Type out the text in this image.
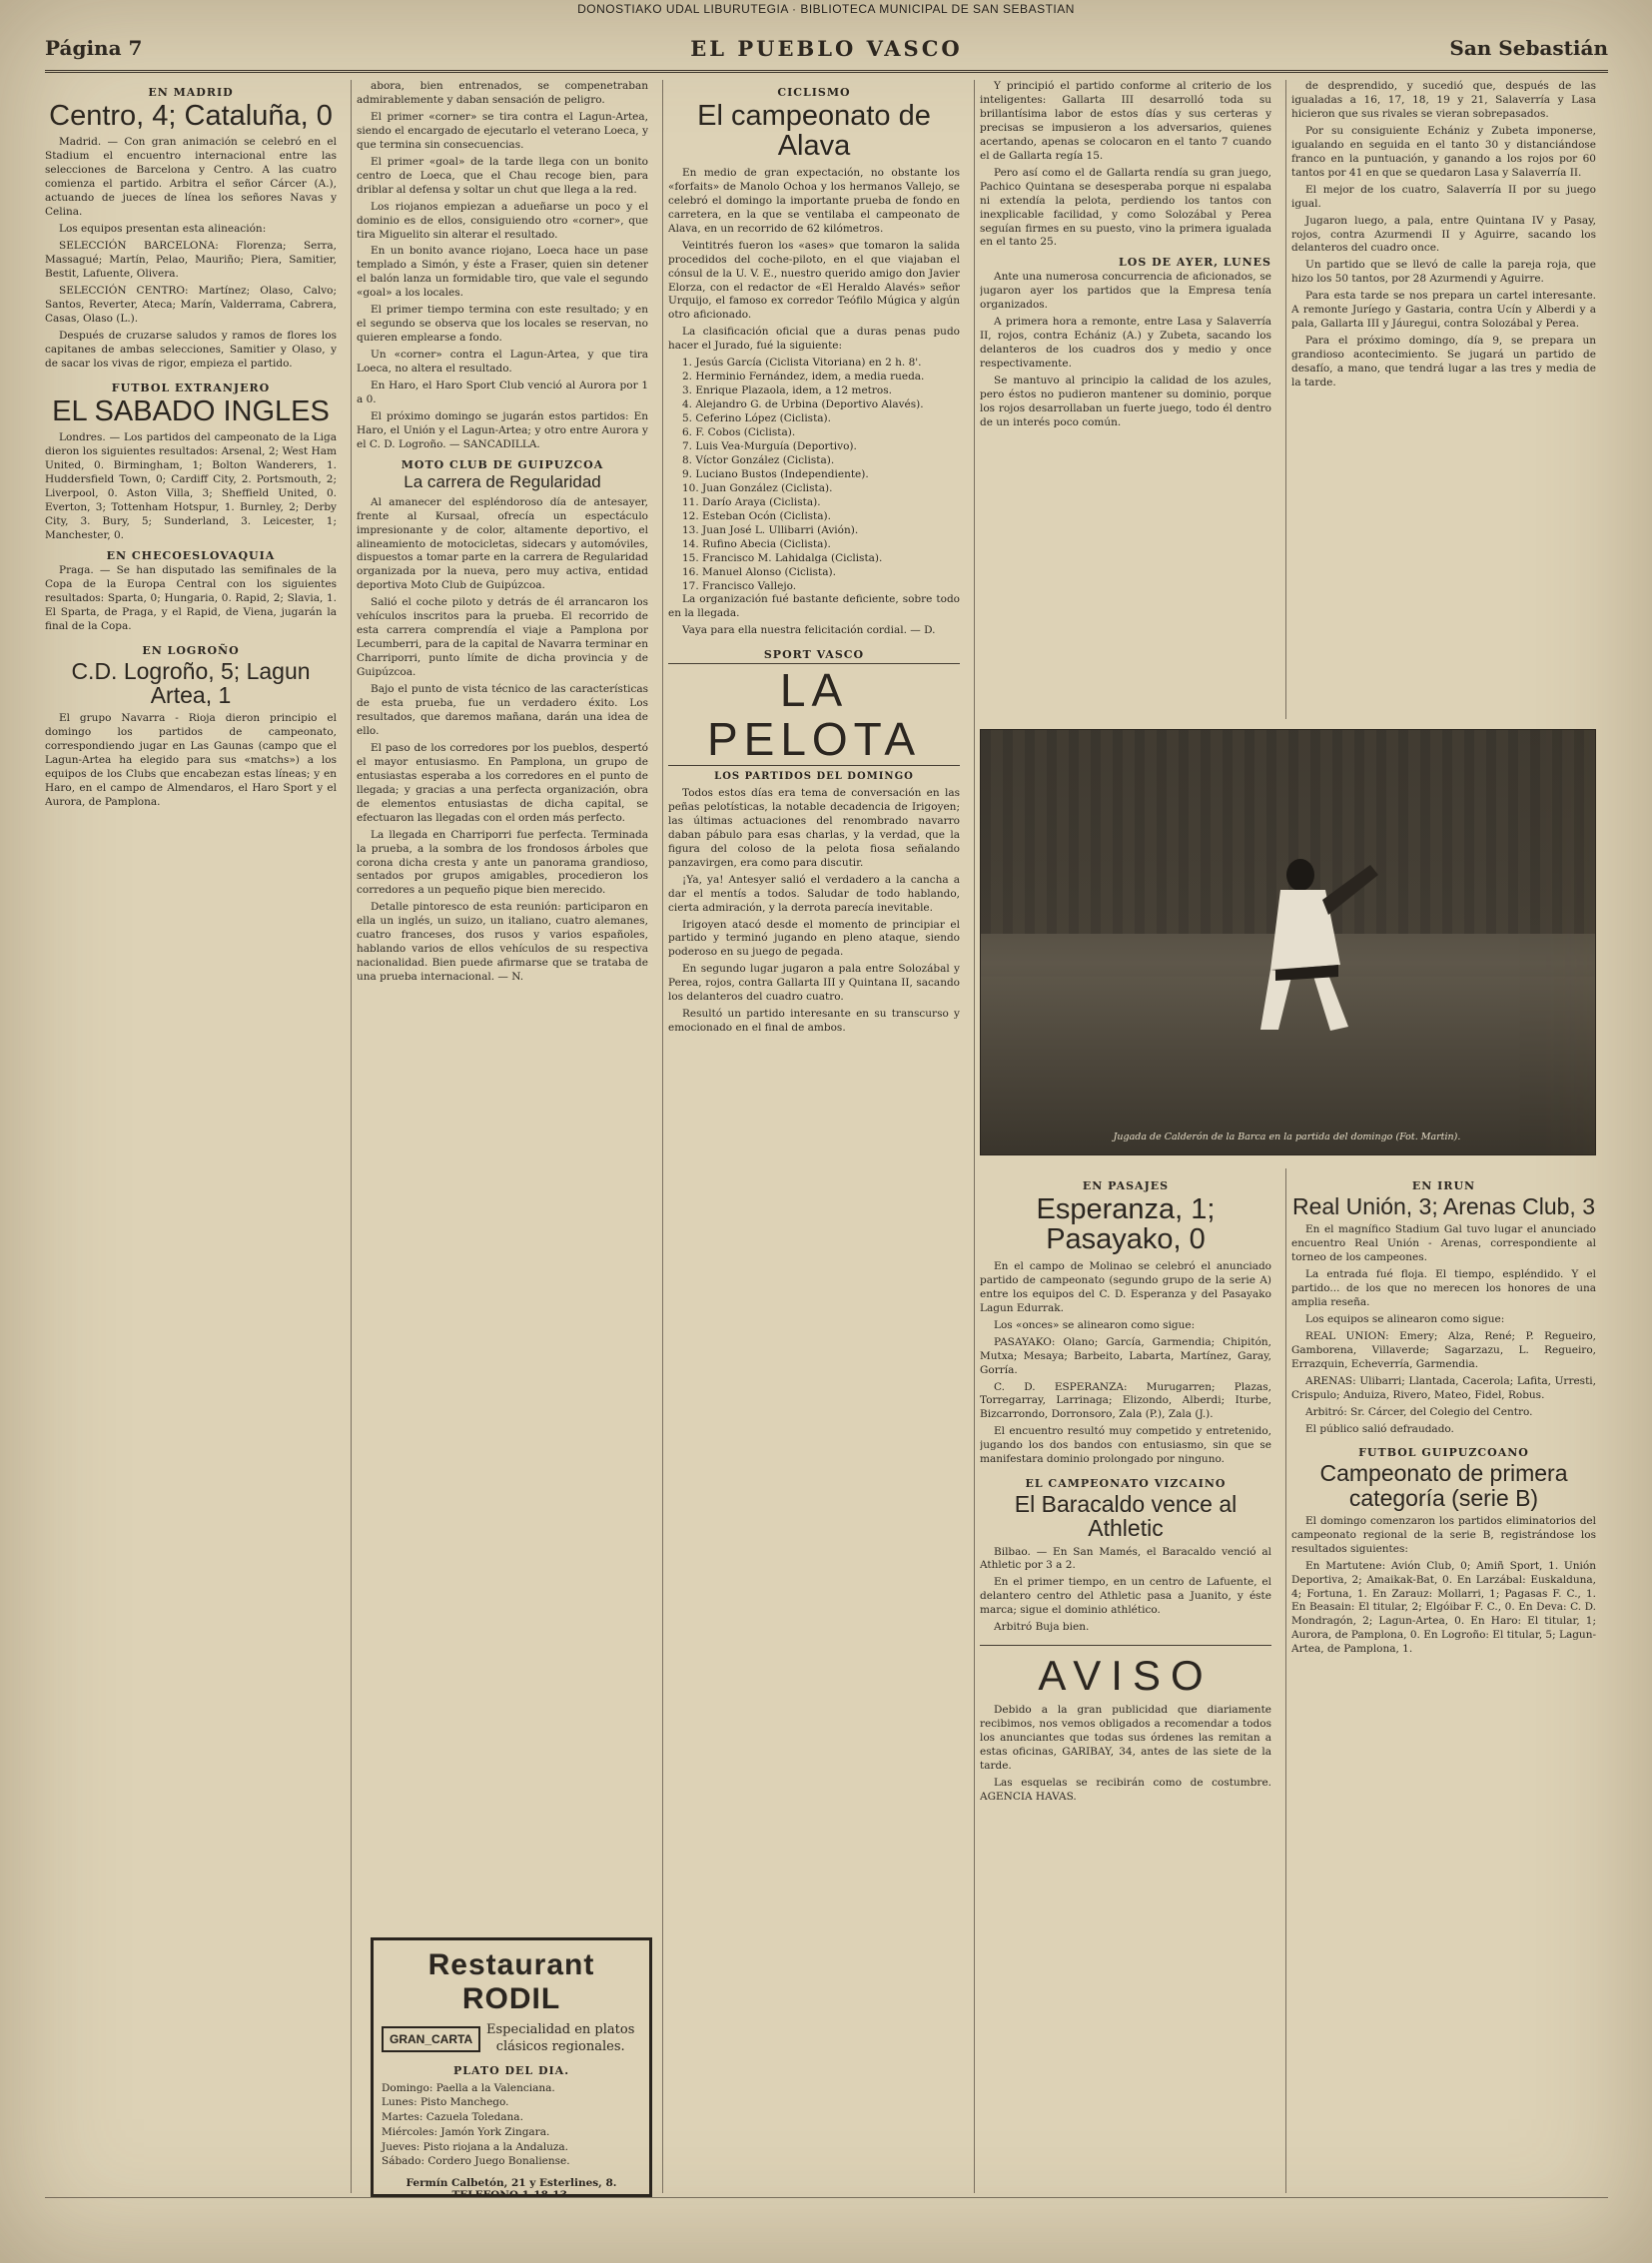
DONOSTIAKO UDAL LIBURUTEGIA · BIBLIOTECA MUNICIPAL DE SAN SEBASTIAN
Página 7	EL PUEBLO VASCO	San Sebastián
EN MADRID
Centro, 4; Cataluña, 0

Madrid. — Con gran animación se celebró en el Stadium el encuentro internacional entre las selecciones de Barcelona y Centro. A las cuatro comienza el partido. Arbitra el señor Cárcer (A.), actuando de jueces de línea los señores Navas y Celina.

Los equipos presentan esta alineación:

SELECCIÓN BARCELONA: Florenza; Serra, Massagué; Martín, Pelao, Mauriño; Piera, Samitier, Bestit, Lafuente, Olivera.

SELECCIÓN CENTRO: Martínez; Olaso, Calvo; Santos, Reverter, Ateca; Marín, Valderrama, Cabrera, Casas, Olaso (L.).

Después de cruzarse saludos y ramos de flores los capitanes de ambas selecciones, Samitier y Olaso, y de sacar los vivas de rigor, empieza el partido.

FUTBOL EXTRANJERO
EL SABADO INGLES

Londres. — Los partidos del campeonato de la Liga dieron los siguientes resultados: Arsenal, 2; West Ham United, 0. Birmingham, 1; Bolton Wanderers, 1. Huddersfield Town, 0; Cardiff City, 2. Portsmouth, 2; Liverpool, 0. Aston Villa, 3; Sheffield United, 0. Everton, 3; Tottenham Hotspur, 1. Burnley, 2; Derby City, 3. Bury, 5; Sunderland, 3. Leicester, 1; Manchester, 0.

EN CHECOESLOVAQUIA

Praga. — Se han disputado las semifinales de la Copa de la Europa Central con los siguientes resultados: Sparta, 0; Hungaria, 0. Rapid, 2; Slavia, 1. El Sparta, de Praga, y el Rapid, de Viena, jugarán la final de la Copa.

EN LOGROÑO
C.D. Logroño, 5; Lagun Artea, 1

El grupo Navarra - Rioja dieron principio el domingo los partidos de campeonato, correspondiendo jugar en Las Gaunas (campo que el Lagun-Artea ha elegido para sus «matchs») a los equipos de los Clubs que encabezan estas líneas; y en Haro, en el campo de Almendaros, el Haro Sport y el Aurora, de Pamplona.

abora, bien entrenados, se compenetraban admirablemente y daban sensación de peligro.

El primer «corner» se tira contra el Lagun-Artea, siendo el encargado de ejecutarlo el veterano Loeca, y que termina sin consecuencias.

El primer «goal» de la tarde llega con un bonito centro de Loeca, que el Chau recoge bien, para driblar al defensa y soltar un chut que llega a la red.

Los riojanos empiezan a adueñarse un poco y el dominio es de ellos, consiguiendo otro «corner», que tira Miguelito sin alterar el resultado.

En un bonito avance riojano, Loeca hace un pase templado a Simón, y éste a Fraser, quien sin detener el balón lanza un formidable tiro, que vale el segundo «goal» a los locales.

El primer tiempo termina con este resultado; y en el segundo se observa que los locales se reservan, no quieren emplearse a fondo.

Un «corner» contra el Lagun-Artea, y que tira Loeca, no altera el resultado.

En Haro, el Haro Sport Club venció al Aurora por 1 a 0.

El próximo domingo se jugarán estos partidos: En Haro, el Unión y el Lagun-Artea; y otro entre Aurora y el C. D. Logroño. — SANCADILLA.

MOTO CLUB DE GUIPUZCOA
La carrera de Regularidad

Al amanecer del espléndoroso día de antesayer, frente al Kursaal, ofrecía un espectáculo impresionante y de color, altamente deportivo, el alineamiento de motocicletas, sidecars y automóviles, dispuestos a tomar parte en la carrera de Regularidad organizada por la nueva, pero muy activa, entidad deportiva Moto Club de Guipúzcoa.

Salió el coche piloto y detrás de él arrancaron los vehículos inscritos para la prueba. El recorrido de esta carrera comprendía el viaje a Pamplona por Lecumberri, para de la capital de Navarra terminar en Charriporri, punto límite de dicha provincia y de Guipúzcoa.

Bajo el punto de vista técnico de las características de esta prueba, fue un verdadero éxito. Los resultados, que daremos mañana, darán una idea de ello.

El paso de los corredores por los pueblos, despertó el mayor entusiasmo. En Pamplona, un grupo de entusiastas esperaba a los corredores en el punto de llegada; y gracias a una perfecta organización, obra de elementos entusiastas de dicha capital, se efectuaron las llegadas con el orden más perfecto.

La llegada en Charriporri fue perfecta. Terminada la prueba, a la sombra de los frondosos árboles que corona dicha cresta y ante un panorama grandioso, sentados por grupos amigables, procedieron los corredores a un pequeño pique bien merecido.

Detalle pintoresco de esta reunión: participaron en ella un inglés, un suizo, un italiano, cuatro alemanes, cuatro franceses, dos rusos y varios españoles, hablando varios de ellos vehículos de su respectiva nacionalidad. Bien puede afirmarse que se trataba de una prueba internacional. — N.

Restaurant RODIL
GRAN_CARTA Especialidad en platos clásicos regionales.
PLATO DEL DIA.
Domingo: Paella a la Valenciana.
Lunes: Pisto Manchego.
Martes: Cazuela Toledana.
Miércoles: Jamón York Zingara.
Jueves: Pisto riojana a la Andaluza.
Sábado: Cordero Juego Bonaliense.
Fermín Calbetón, 21 y Esterlines, 8. TELEFONO 1-18-13.
CICLISMO
El campeonato de Alava

En medio de gran expectación, no obstante los «forfaits» de Manolo Ochoa y los hermanos Vallejo, se celebró el domingo la importante prueba de fondo en carretera, en la que se ventilaba el campeonato de Alava, en un recorrido de 62 kilómetros.

Veintitrés fueron los «ases» que tomaron la salida procedidos del coche-piloto, en el que viajaban el cónsul de la U. V. E., nuestro querido amigo don Javier Elorza, con el redactor de «El Heraldo Alavés» señor Urquijo, el famoso ex corredor Teófilo Múgica y algún otro aficionado.

La clasificación oficial que a duras penas pudo hacer el Jurado, fué la siguiente:

1. Jesús García (Ciclista Vitoriana) en 2 h. 8'.
2. Herminio Fernández, idem, a media rueda.
3. Enrique Plazaola, idem, a 12 metros.
4. Alejandro G. de Urbina (Deportivo Alavés).
5. Ceferino López (Ciclista).
6. F. Cobos (Ciclista).
7. Luis Vea-Murguía (Deportivo).
8. Víctor González (Ciclista).
9. Luciano Bustos (Independiente).
10. Juan González (Ciclista).
11. Darío Araya (Ciclista).
12. Esteban Ocón (Ciclista).
13. Juan José L. Ullibarri (Avión).
14. Rufino Abecia (Ciclista).
15. Francisco M. Lahidalga (Ciclista).
16. Manuel Alonso (Ciclista).
17. Francisco Vallejo.

La organización fué bastante deficiente, sobre todo en la llegada.

Vaya para ella nuestra felicitación cordial. — D.

SPORT VASCO
LA PELOTA
LOS PARTIDOS DEL DOMINGO

Todos estos días era tema de conversación en las peñas pelotísticas, la notable decadencia de Irigoyen; las últimas actuaciones del renombrado navarro daban pábulo para esas charlas, y la verdad, que la figura del coloso de la pelota fiosa señalando panzavirgen, era como para discutir.

¡Ya, ya! Antesyer salió el verdadero a la cancha a dar el mentís a todos. Saludar de todo hablando, cierta admiración, y la derrota parecía inevitable.

Irigoyen atacó desde el momento de principiar el partido y terminó jugando en pleno ataque, siendo poderoso en su juego de pegada.

En segundo lugar jugaron a pala entre Solozábal y Perea, rojos, contra Gallarta III y Quintana II, sacando los delanteros del cuadro cuatro.

Resultó un partido interesante en su transcurso y emocionado en el final de ambos.

Y principió el partido conforme al criterio de los inteligentes: Gallarta III desarrolló toda su brillantísima labor de estos días y sus certeras y precisas se impusieron a los adversarios, quienes acertando, apenas se colocaron en el tanto 7 cuando el de Gallarta regía 15.

Pero así como el de Gallarta rendía su gran juego, Pachico Quintana se desesperaba porque ni espalaba ni extendía la pelota, perdiendo los tantos con inexplicable facilidad, y como Solozábal y Perea seguían firmes en su puesto, vino la primera igualada en el tanto 25.

LOS DE AYER, LUNES

Ante una numerosa concurrencia de aficionados, se jugaron ayer los partidos que la Empresa tenía organizados.

A primera hora a remonte, entre Lasa y Salaverría II, rojos, contra Echániz (A.) y Zubeta, sacando los delanteros de los cuadros dos y medio y once respectivamente.

Se mantuvo al principio la calidad de los azules, pero éstos no pudieron mantener su dominio, porque los rojos desarrollaban un fuerte juego, todo él dentro de un interés poco común.

de desprendido, y sucedió que, después de las igualadas a 16, 17, 18, 19 y 21, Salaverría y Lasa hicieron que sus rivales se vieran sobrepasados.

Por su consiguiente Echániz y Zubeta imponerse, igualando en seguida en el tanto 30 y distanciándose franco en la puntuación, y ganando a los rojos por 60 tantos por 41 en que se quedaron Lasa y Salaverría II.

El mejor de los cuatro, Salaverría II por su juego igual.

Jugaron luego, a pala, entre Quintana IV y Pasay, rojos, contra Azurmendi II y Aguirre, sacando los delanteros del cuadro once.

Un partido que se llevó de calle la pareja roja, que hizo los 50 tantos, por 28 Azurmendi y Aguirre.

Para esta tarde se nos prepara un cartel interesante. A remonte Juríego y Gastaria, contra Ucín y Alberdi y a pala, Gallarta III y Jáuregui, contra Solozábal y Perea.

Para el próximo domingo, día 9, se prepara un grandioso acontecimiento. Se jugará un partido de desafío, a mano, que tendrá lugar a las tres y media de la tarde.

Jugada de Calderón de la Barca en la partida del domingo (Fot. Martin).
EN PASAJES
Esperanza, 1; Pasayako, 0

En el campo de Molinao se celebró el anunciado partido de campeonato (segundo grupo de la serie A) entre los equipos del C. D. Esperanza y del Pasayako Lagun Edurrak.

Los «onces» se alinearon como sigue:

PASAYAKO: Olano; García, Garmendia; Chipitón, Mutxa; Mesaya; Barbeito, Labarta, Martínez, Garay, Gorría.

C. D. ESPERANZA: Murugarren; Plazas, Torregarray, Larrinaga; Elizondo, Alberdi; Iturbe, Bizcarrondo, Dorronsoro, Zala (P.), Zala (J.).

El encuentro resultó muy competido y entretenido, jugando los dos bandos con entusiasmo, sin que se manifestara dominio prolongado por ninguno.

EL CAMPEONATO VIZCAINO
El Baracaldo vence al Athletic

Bilbao. — En San Mamés, el Baracaldo venció al Athletic por 3 a 2.

En el primer tiempo, en un centro de Lafuente, el delantero centro del Athletic pasa a Juanito, y éste marca; sigue el dominio athlético.

Arbitró Buja bien.

AVISO

Debido a la gran publicidad que diariamente recibimos, nos vemos obligados a recomendar a todos los anunciantes que todas sus órdenes las remitan a estas oficinas, GARIBAY, 34, antes de las siete de la tarde.

Las esquelas se recibirán como de costumbre. AGENCIA HAVAS.

EN IRUN
Real Unión, 3; Arenas Club, 3

En el magnífico Stadium Gal tuvo lugar el anunciado encuentro Real Unión - Arenas, correspondiente al torneo de los campeones.

La entrada fué floja. El tiempo, espléndido. Y el partido... de los que no merecen los honores de una amplia reseña.

Los equipos se alinearon como sigue:

REAL UNION: Emery; Alza, René; P. Regueiro, Gamborena, Villaverde; Sagarzazu, L. Regueiro, Errazquin, Echeverría, Garmendia.

ARENAS: Ulibarri; Llantada, Cacerola; Lafita, Urresti, Crispulo; Anduiza, Rivero, Mateo, Fidel, Robus.

Arbitró: Sr. Cárcer, del Colegio del Centro.

El público salió defraudado.

FUTBOL GUIPUZCOANO
Campeonato de primera categoría (serie B)

El domingo comenzaron los partidos eliminatorios del campeonato regional de la serie B, registrándose los resultados siguientes:

En Martutene: Avión Club, 0; Amiñ Sport, 1. Unión Deportiva, 2; Amaikak-Bat, 0. En Larzábal: Euskalduna, 4; Fortuna, 1. En Zarauz: Mollarri, 1; Pagasas F. C., 1. En Beasain: El titular, 2; Elgóibar F. C., 0. En Deva: C. D. Mondragón, 2; Lagun-Artea, 0. En Haro: El titular, 1; Aurora, de Pamplona, 0. En Logroño: El titular, 5; Lagun-Artea, de Pamplona, 1.
